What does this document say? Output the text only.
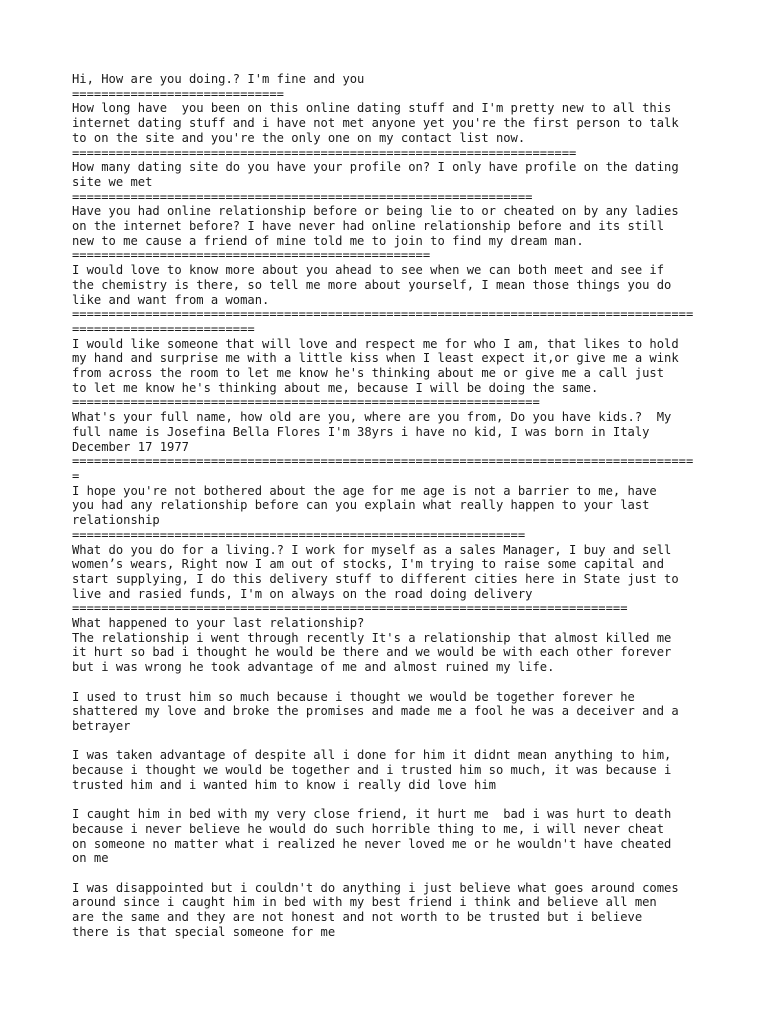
Hi, How are you doing.? I'm fine and you
=============================
How long have  you been on this online dating stuff and I'm pretty new to all this
internet dating stuff and i have not met anyone yet you're the first person to talk
to on the site and you're the only one on my contact list now.
=====================================================================
How many dating site do you have your profile on? I only have profile on the dating
site we met
===============================================================
Have you had online relationship before or being lie to or cheated on by any ladies
on the internet before? I have never had online relationship before and its still
new to me cause a friend of mine told me to join to find my dream man.
=================================================
I would love to know more about you ahead to see when we can both meet and see if
the chemistry is there, so tell me more about yourself, I mean those things you do
like and want from a woman.
=====================================================================================
=========================
I would like someone that will love and respect me for who I am, that likes to hold
my hand and surprise me with a little kiss when I least expect it,or give me a wink
from across the room to let me know he's thinking about me or give me a call just
to let me know he's thinking about me, because I will be doing the same.
================================================================
What's your full name, how old are you, where are you from, Do you have kids.?  My
full name is Josefina Bella Flores I'm 38yrs i have no kid, I was born in Italy
December 17 1977
=====================================================================================
=
I hope you're not bothered about the age for me age is not a barrier to me, have
you had any relationship before can you explain what really happen to your last
relationship
==============================================================
What do you do for a living.? I work for myself as a sales Manager, I buy and sell
women’s wears, Right now I am out of stocks, I'm trying to raise some capital and
start supplying, I do this delivery stuff to different cities here in State just to
live and rasied funds, I'm on always on the road doing delivery
============================================================================
What happened to your last relationship?
The relationship i went through recently It's a relationship that almost killed me
it hurt so bad i thought he would be there and we would be with each other forever
but i was wrong he took advantage of me and almost ruined my life.
I used to trust him so much because i thought we would be together forever he
shattered my love and broke the promises and made me a fool he was a deceiver and a
betrayer
I was taken advantage of despite all i done for him it didnt mean anything to him,
because i thought we would be together and i trusted him so much, it was because i
trusted him and i wanted him to know i really did love him
I caught him in bed with my very close friend, it hurt me  bad i was hurt to death
because i never believe he would do such horrible thing to me, i will never cheat
on someone no matter what i realized he never loved me or he wouldn't have cheated
on me
I was disappointed but i couldn't do anything i just believe what goes around comes
around since i caught him in bed with my best friend i think and believe all men
are the same and they are not honest and not worth to be trusted but i believe
there is that special someone for me
